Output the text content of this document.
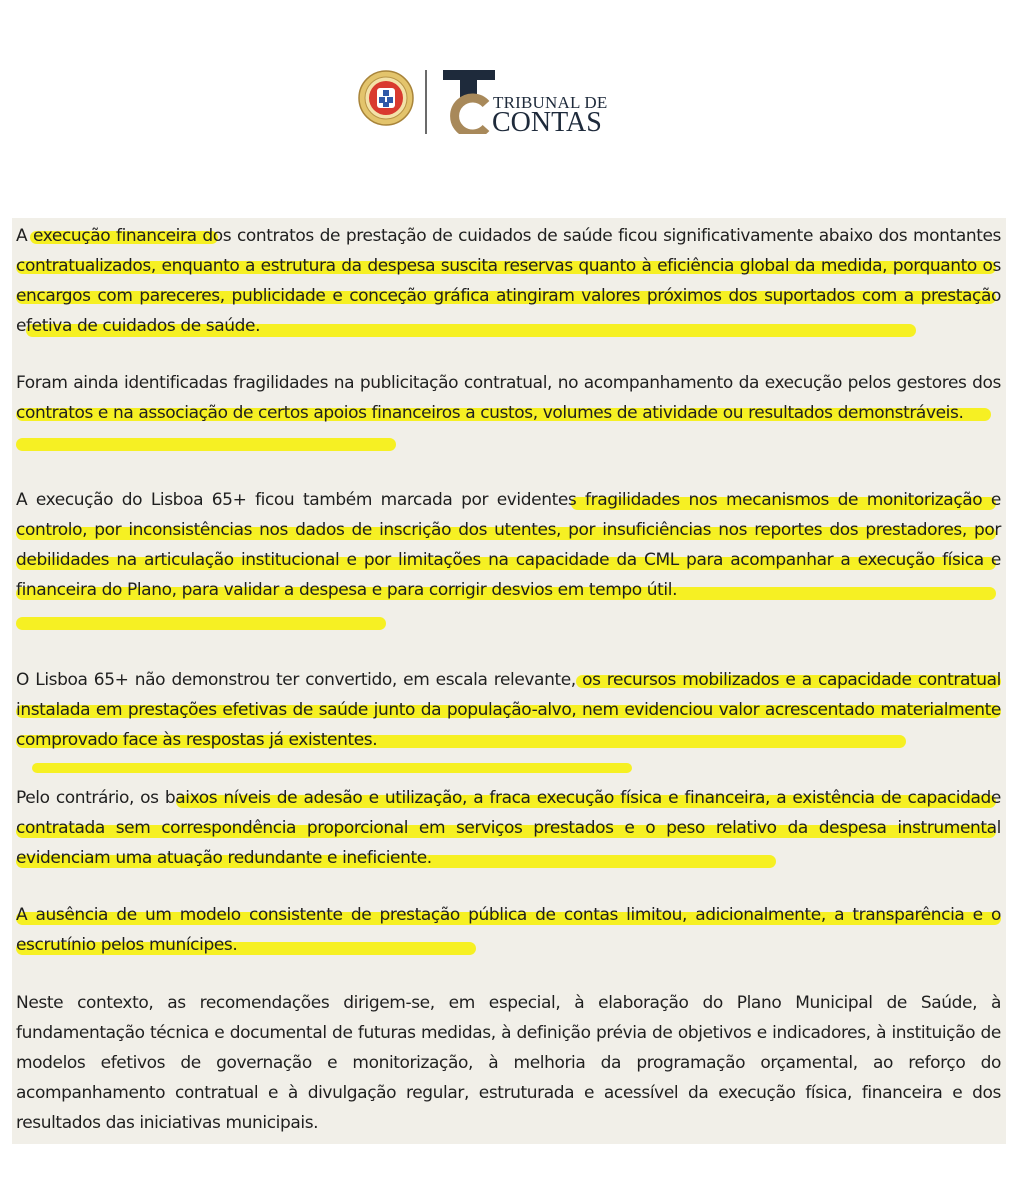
TRIBUNAL DE
CONTAS
A execução financeira dos contratos de prestação de cuidados de saúde ficou significativamente abaixo dos montantes contratualizados, enquanto a estrutura da despesa suscita reservas quanto à eficiência global da medida, porquanto os encargos com pareceres, publicidade e conceção gráfica atingiram valores próximos dos suportados com a prestação efetiva de cuidados de saúde.
Foram ainda identificadas fragilidades na publicitação contratual, no acompanhamento da execução pelos gestores dos contratos e na associação de certos apoios financeiros a custos, volumes de atividade ou resultados demonstráveis.
A execução do Lisboa 65+ ficou também marcada por evidentes fragilidades nos mecanismos de monitorização e controlo, por inconsistências nos dados de inscrição dos utentes, por insuficiências nos reportes dos prestadores, por debilidades na articulação institucional e por limitações na capacidade da CML para acompanhar a execução física e financeira do Plano, para validar a despesa e para corrigir desvios em tempo útil.
O Lisboa 65+ não demonstrou ter convertido, em escala relevante, os recursos mobilizados e a capacidade contratual instalada em prestações efetivas de saúde junto da população-alvo, nem evidenciou valor acrescentado materialmente comprovado face às respostas já existentes.
Pelo contrário, os baixos níveis de adesão e utilização, a fraca execução física e financeira, a existência de capacidade contratada sem correspondência proporcional em serviços prestados e o peso relativo da despesa instrumental evidenciam uma atuação redundante e ineficiente.
A ausência de um modelo consistente de prestação pública de contas limitou, adicionalmente, a transparência e o escrutínio pelos munícipes.
Neste contexto, as recomendações dirigem-se, em especial, à elaboração do Plano Municipal de Saúde, à fundamentação técnica e documental de futuras medidas, à definição prévia de objetivos e indicadores, à instituição de modelos efetivos de governação e monitorização, à melhoria da programação orçamental, ao reforço do acompanhamento contratual e à divulgação regular, estruturada e acessível da execução física, financeira e dos resultados das iniciativas municipais.
